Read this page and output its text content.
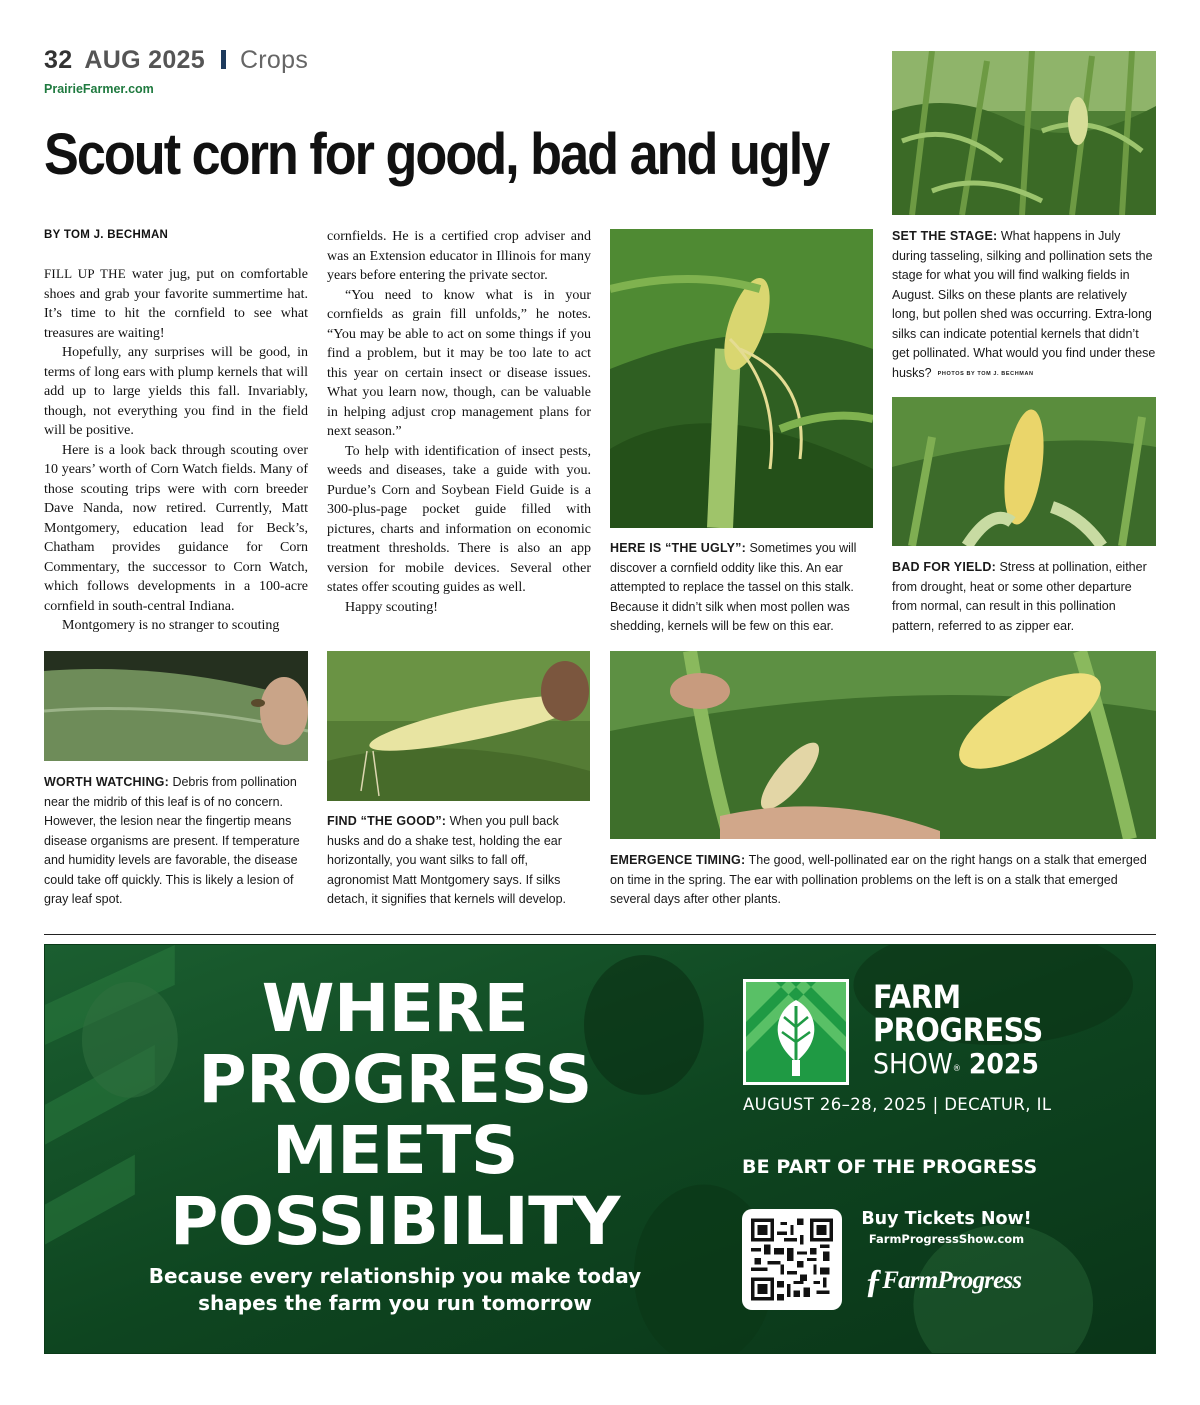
32 AUG 2025 Crops
PrairieFarmer.com
Scout corn for good, bad and ugly
BY TOM J. BECHMAN

FILL UP THE water jug, put on comfortable shoes and grab your favorite summertime hat. It’s time to hit the cornfield to see what treasures are waiting!

Hopefully, any surprises will be good, in terms of long ears with plump kernels that will add up to large yields this fall. Invariably, though, not everything you find in the field will be positive.

Here is a look back through scouting over 10 years’ worth of Corn Watch fields. Many of those scouting trips were with corn breeder Dave Nanda, now retired. Currently, Matt Montgomery, education lead for Beck’s, Chatham provides guidance for Corn Commentary, the successor to Corn Watch, which follows developments in a 100-acre cornfield in south-central Indiana.

Montgomery is no stranger to scouting

cornfields. He is a certified crop adviser and was an Extension educator in Illinois for many years before entering the private sector.

“You need to know what is in your cornfields as grain fill unfolds,” he notes. “You may be able to act on some things if you find a problem, but it may be too late to act this year on certain insect or disease issues. What you learn now, though, can be valuable in helping adjust crop management plans for next season.”

To help with identification of insect pests, weeds and diseases, take a guide with you. Purdue’s Corn and Soybean Field Guide is a 300-plus-page pocket guide filled with pictures, charts and information on economic treatment thresholds. There is also an app version for mobile devices. Several other states offer scouting guides as well.

Happy scouting!

SET THE STAGE: What happens in July during tasseling, silking and pollination sets the stage for what you will find walking fields in August. Silks on these plants are relatively long, but pollen shed was occurring. Extra-long silks can indicate potential kernels that didn’t get pollinated. What would you find under these husks? PHOTOS BY TOM J. BECHMAN
HERE IS “THE UGLY”: Sometimes you will discover a cornfield oddity like this. An ear attempted to replace the tassel on this stalk. Because it didn’t silk when most pollen was shedding, kernels will be few on this ear.
BAD FOR YIELD: Stress at pollination, either from drought, heat or some other departure from normal, can result in this pollination pattern, referred to as zipper ear.
WORTH WATCHING: Debris from pollination near the midrib of this leaf is of no concern. However, the lesion near the fingertip means disease organisms are present. If temperature and humidity levels are favorable, the disease could take off quickly. This is likely a lesion of gray leaf spot.
FIND “THE GOOD”: When you pull back husks and do a shake test, holding the ear horizontally, you want silks to fall off, agronomist Matt Montgomery says. If silks detach, it signifies that kernels will develop.
EMERGENCE TIMING: The good, well-pollinated ear on the right hangs on a stalk that emerged on time in the spring. The ear with pollination problems on the left is on a stalk that emerged several days after other plants.
WHERE
PROGRESS
MEETS
POSSIBILITY
Because every relationship you make today
shapes the farm you run tomorrow
FARM
PROGRESS
SHOW® 2025
AUGUST 26–28, 2025 | DECATUR, IL
BE PART OF THE PROGRESS
Buy Tickets Now!
FarmProgressShow.com
ƒFarmProgress
